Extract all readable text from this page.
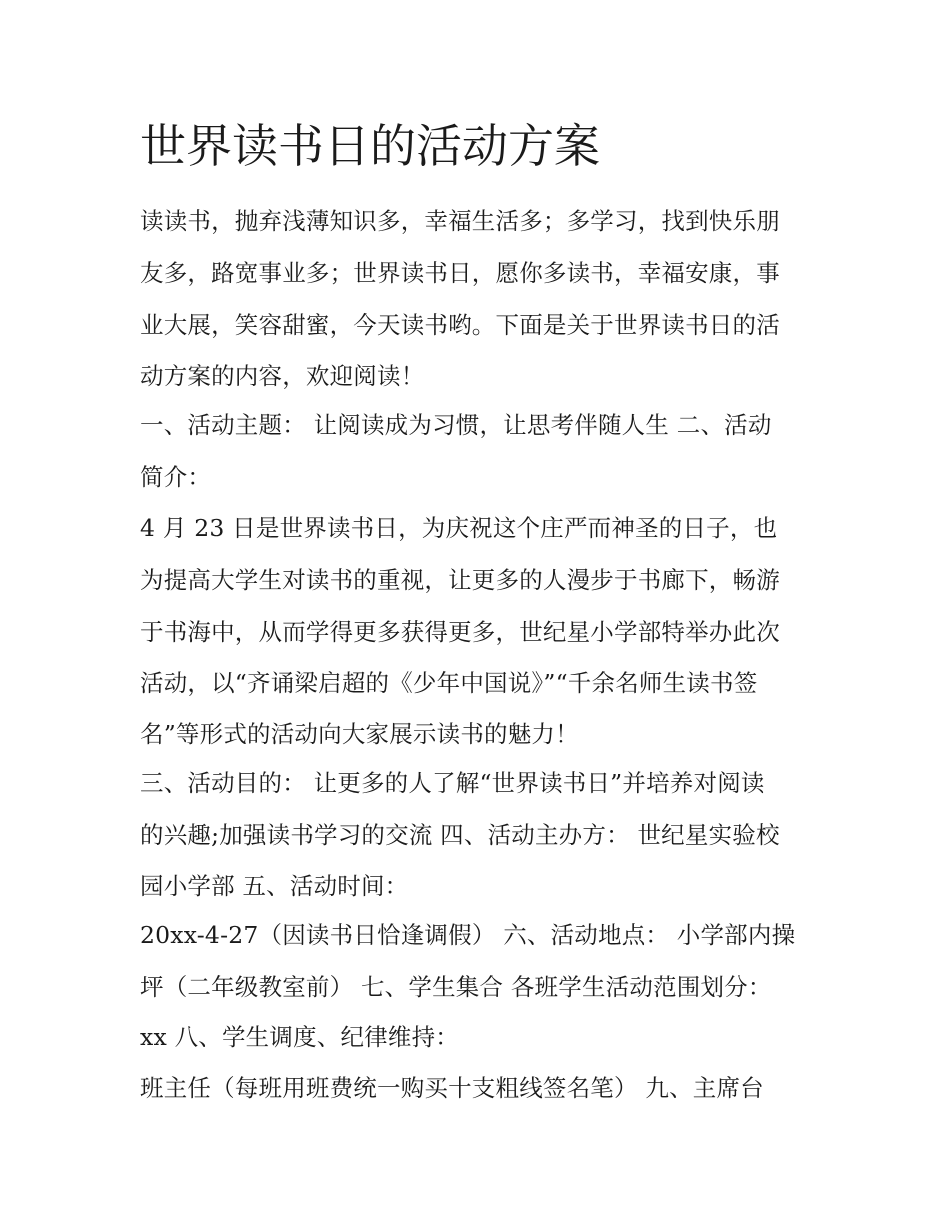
世界读书日的活动方案
读读书，抛弃浅薄知识多，幸福生活多；多学习，找到快乐朋
友多，路宽事业多；世界读书日，愿你多读书，幸福安康，事
业大展，笑容甜蜜，今天读书哟。下面是关于世界读书日的活
动方案的内容，欢迎阅读！
一、活动主题： 让阅读成为习惯，让思考伴随人生 二、活动
简介：
4 月 23 日是世界读书日，为庆祝这个庄严而神圣的日子，也
为提高大学生对读书的重视，让更多的人漫步于书廊下，畅游
于书海中，从而学得更多获得更多，世纪星小学部特举办此次
活动，以“齐诵梁启超的《少年中国说》”“千余名师生读书签
名”等形式的活动向大家展示读书的魅力！
三、活动目的： 让更多的人了解“世界读书日”并培养对阅读
的兴趣;加强读书学习的交流 四、活动主办方： 世纪星实验校
园小学部 五、活动时间：
20xx-4-27（因读书日恰逢调假） 六、活动地点： 小学部内操
坪（二年级教室前） 七、学生集合 各班学生活动范围划分：
xx 八、学生调度、纪律维持：
班主任（每班用班费统一购买十支粗线签名笔） 九、主席台
